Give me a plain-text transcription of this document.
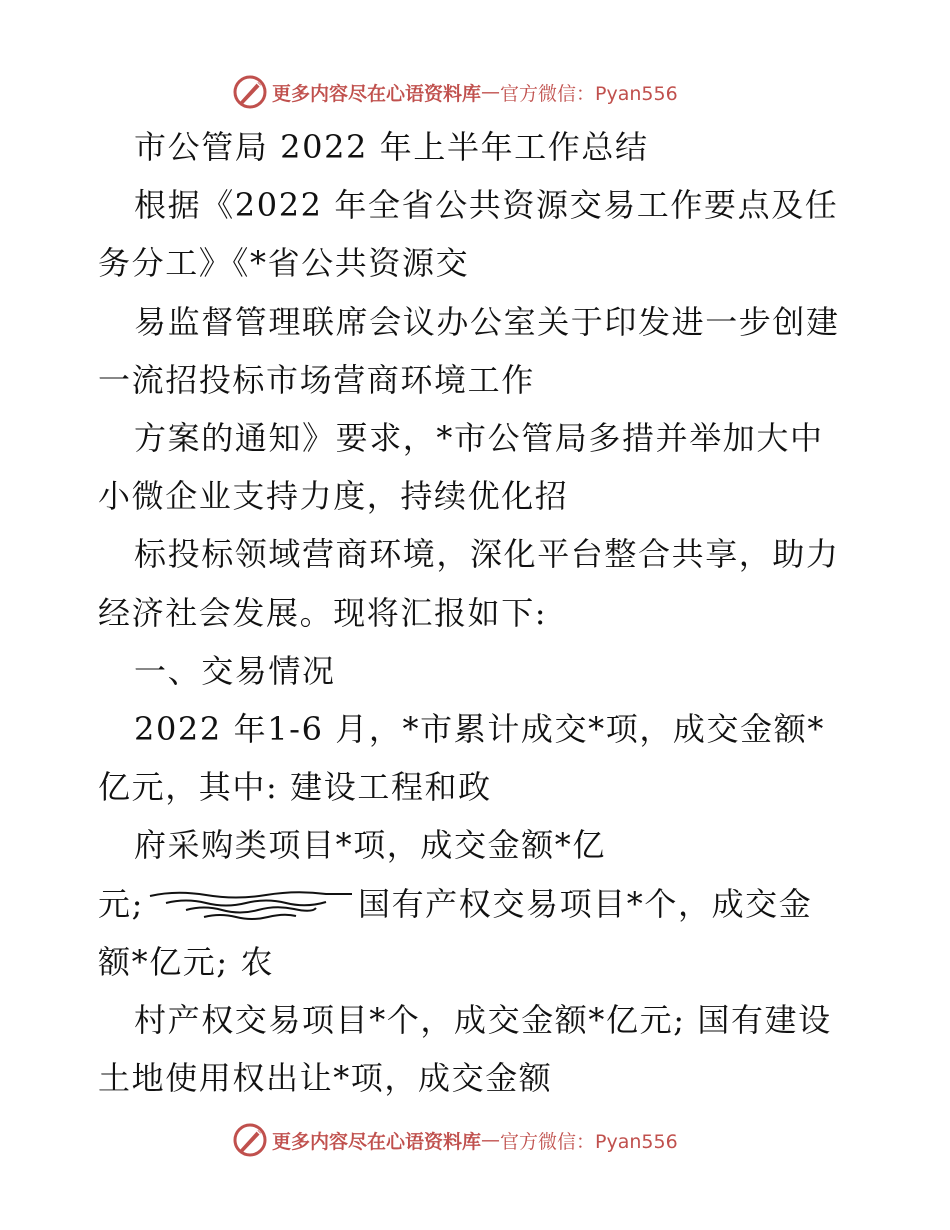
更多内容尽在心语资料库 — 官方微信：Pyan556
市公管局 2022 年上半年工作总结
根据《2022 年全省公共资源交易工作要点及任
务分工》《*省公共资源交
易监督管理联席会议办公室关于印发进一步创建
一流招投标市场营商环境工作
方案的通知》要求，*市公管局多措并举加大中
小微企业支持力度，持续优化招
标投标领域营商环境，深化平台整合共享，助力
经济社会发展。现将汇报如下:
一、交易情况
2022 年1-6 月，*市累计成交*项，成交金额*
亿元，其中: 建设工程和政
府采购类项目*项，成交金额*亿
元;	国有产权交易项目*个，成交金
额*亿元; 农
村产权交易项目*个，成交金额*亿元; 国有建设
土地使用权出让*项，成交金额
更多内容尽在心语资料库 — 官方微信：Pyan556
